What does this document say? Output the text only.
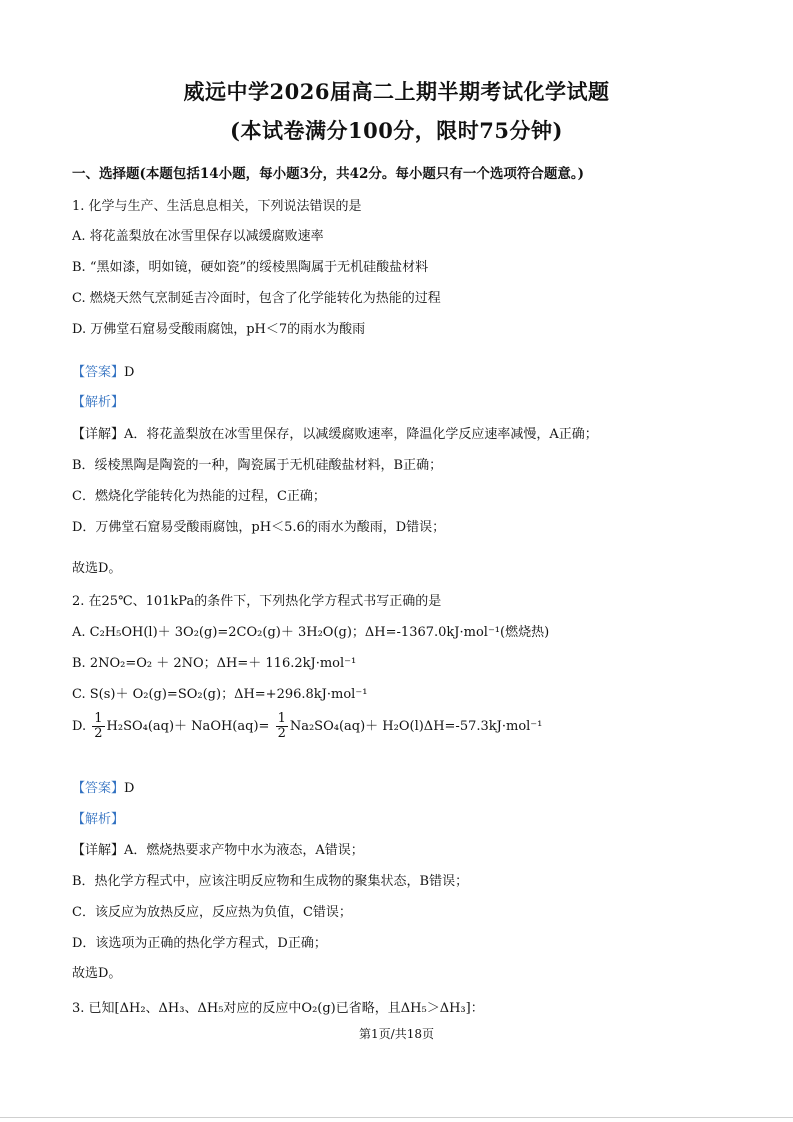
威远中学2026届高二上期半期考试化学试题
(本试卷满分100分，限时75分钟)
一、选择题(本题包括14小题，每小题3分，共42分。每小题只有一个选项符合题意。)
1. 化学与生产、生活息息相关，下列说法错误的是
A. 将花盖梨放在冰雪里保存以减缓腐败速率
B. “黑如漆，明如镜，硬如瓷”的绥棱黑陶属于无机硅酸盐材料
C. 燃烧天然气烹制延吉冷面时，包含了化学能转化为热能的过程
D. 万佛堂石窟易受酸雨腐蚀，pH＜7的雨水为酸雨
【答案】D
【解析】
【详解】A．将花盖梨放在冰雪里保存，以减缓腐败速率，降温化学反应速率减慢，A正确；
B．绥棱黑陶是陶瓷的一种，陶瓷属于无机硅酸盐材料，B正确；
C．燃烧化学能转化为热能的过程，C正确；
D．万佛堂石窟易受酸雨腐蚀，pH＜5.6的雨水为酸雨，D错误；
故选D。
2. 在25℃、101kPa的条件下，下列热化学方程式书写正确的是
A. C₂H₅OH(l)＋ 3O₂(g)=2CO₂(g)＋ 3H₂O(g)；ΔH=-1367.0kJ·mol⁻¹(燃烧热)
B. 2NO₂=O₂ ＋ 2NO；ΔH=＋ 116.2kJ·mol⁻¹
C. S(s)＋ O₂(g)=SO₂(g)；ΔH=+296.8kJ·mol⁻¹
D. $\frac{1}{2} H_2SO_4(aq)+$ NaOH(aq)= $\frac{1}{2} Na_2SO_4(aq)+ H_2O(l)\Delta H=-57.3kJ\cdot mol^{-1}$
【答案】D
【解析】
【详解】A．燃烧热要求产物中水为液态，A错误；
B．热化学方程式中，应该注明反应物和生成物的聚集状态，B错误；
C．该反应为放热反应，反应热为负值，C错误；
D．该选项为正确的热化学方程式，D正确；
故选D。
3. 已知[ΔH₂、ΔH₃、ΔH₅对应的反应中O₂(g)已省略，且ΔH₅＞ΔH₃]：
第1页/共18页
